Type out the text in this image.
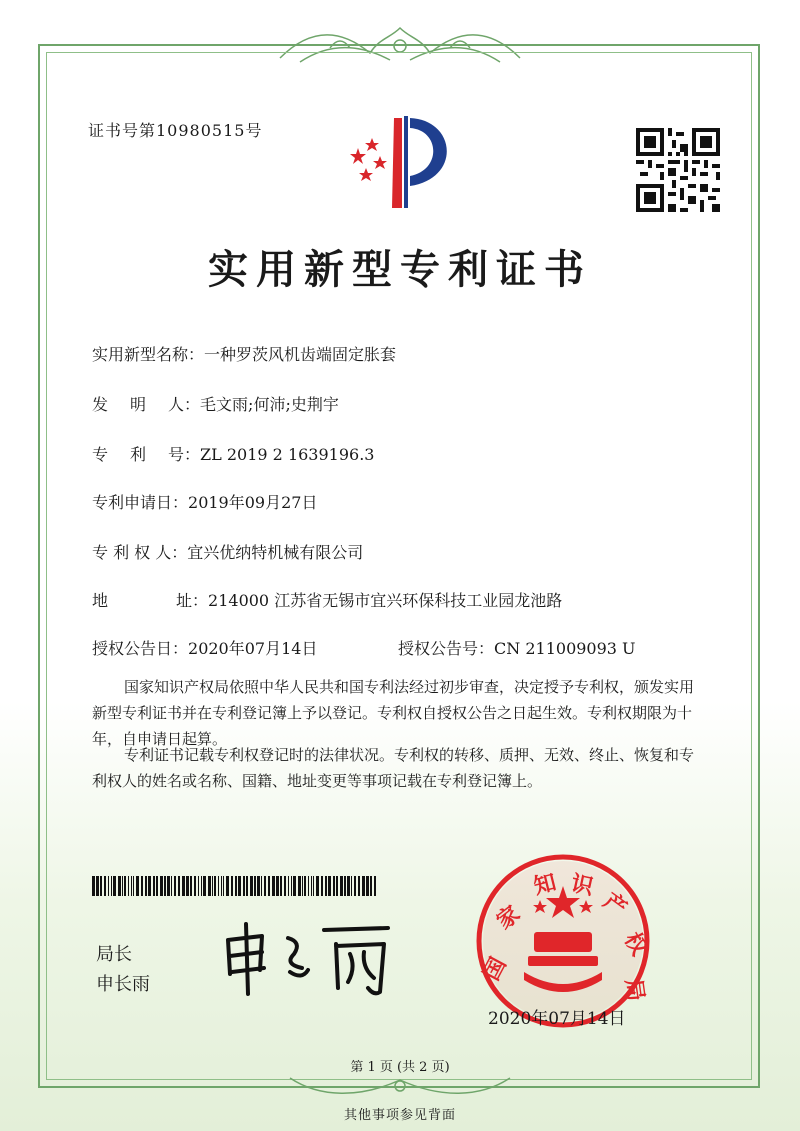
证书号第10980515号
实用新型专利证书
实用新型名称：一种罗茨风机齿端固定胀套
发明人：毛文雨;何沛;史荆宇
专利号：ZL 2019 2 1639196.3
专利申请日：2019年09月27日
专 利 权 人：宜兴优纳特机械有限公司
地址：214000 江苏省无锡市宜兴环保科技工业园龙池路
授权公告日：2020年07月14日	授权公告号：CN 211009093 U
国家知识产权局依照中华人民共和国专利法经过初步审查，决定授予专利权，颁发实用新型专利证书并在专利登记簿上予以登记。专利权自授权公告之日起生效。专利权期限为十年，自申请日起算。
专利证书记载专利权登记时的法律状况。专利权的转移、质押、无效、终止、恢复和专利权人的姓名或名称、国籍、地址变更等事项记载在专利登记簿上。
局长
申长雨	国
家
知 识
产
权
局
2020年07月14日
第 1 页 (共 2 页)
其他事项参见背面
